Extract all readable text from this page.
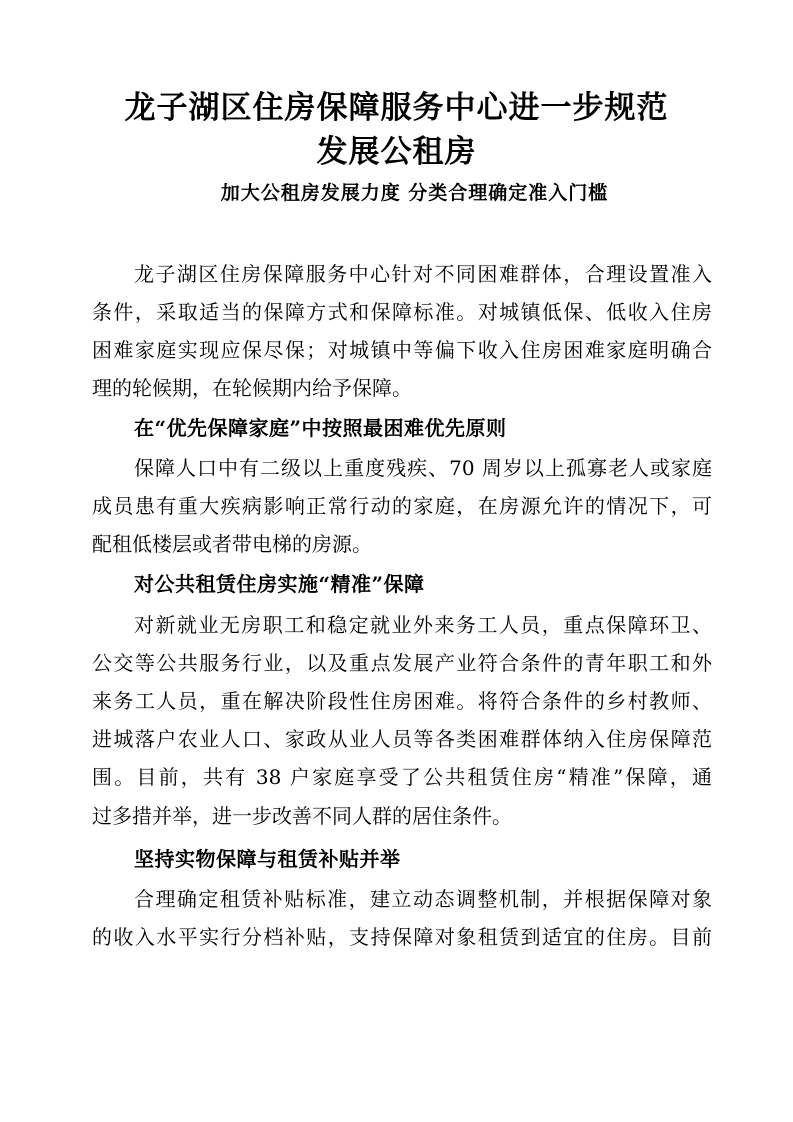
龙子湖区住房保障服务中心进一步规范
发展公租房
加大公租房发展力度 分类合理确定准入门槛
龙子湖区住房保障服务中心针对不同困难群体，合理设置准入
条件，采取适当的保障方式和保障标准。对城镇低保、低收入住房
困难家庭实现应保尽保；对城镇中等偏下收入住房困难家庭明确合
理的轮候期，在轮候期内给予保障。
在“优先保障家庭”中按照最困难优先原则
保障人口中有二级以上重度残疾、70 周岁以上孤寡老人或家庭
成员患有重大疾病影响正常行动的家庭，在房源允许的情况下，可
配租低楼层或者带电梯的房源。
对公共租赁住房实施“精准”保障
对新就业无房职工和稳定就业外来务工人员，重点保障环卫、
公交等公共服务行业，以及重点发展产业符合条件的青年职工和外
来务工人员，重在解决阶段性住房困难。将符合条件的乡村教师、
进城落户农业人口、家政从业人员等各类困难群体纳入住房保障范
围。目前，共有 38 户家庭享受了公共租赁住房“精准”保障，通
过多措并举，进一步改善不同人群的居住条件。
坚持实物保障与租赁补贴并举
合理确定租赁补贴标准，建立动态调整机制，并根据保障对象
的收入水平实行分档补贴，支持保障对象租赁到适宜的住房。目前
